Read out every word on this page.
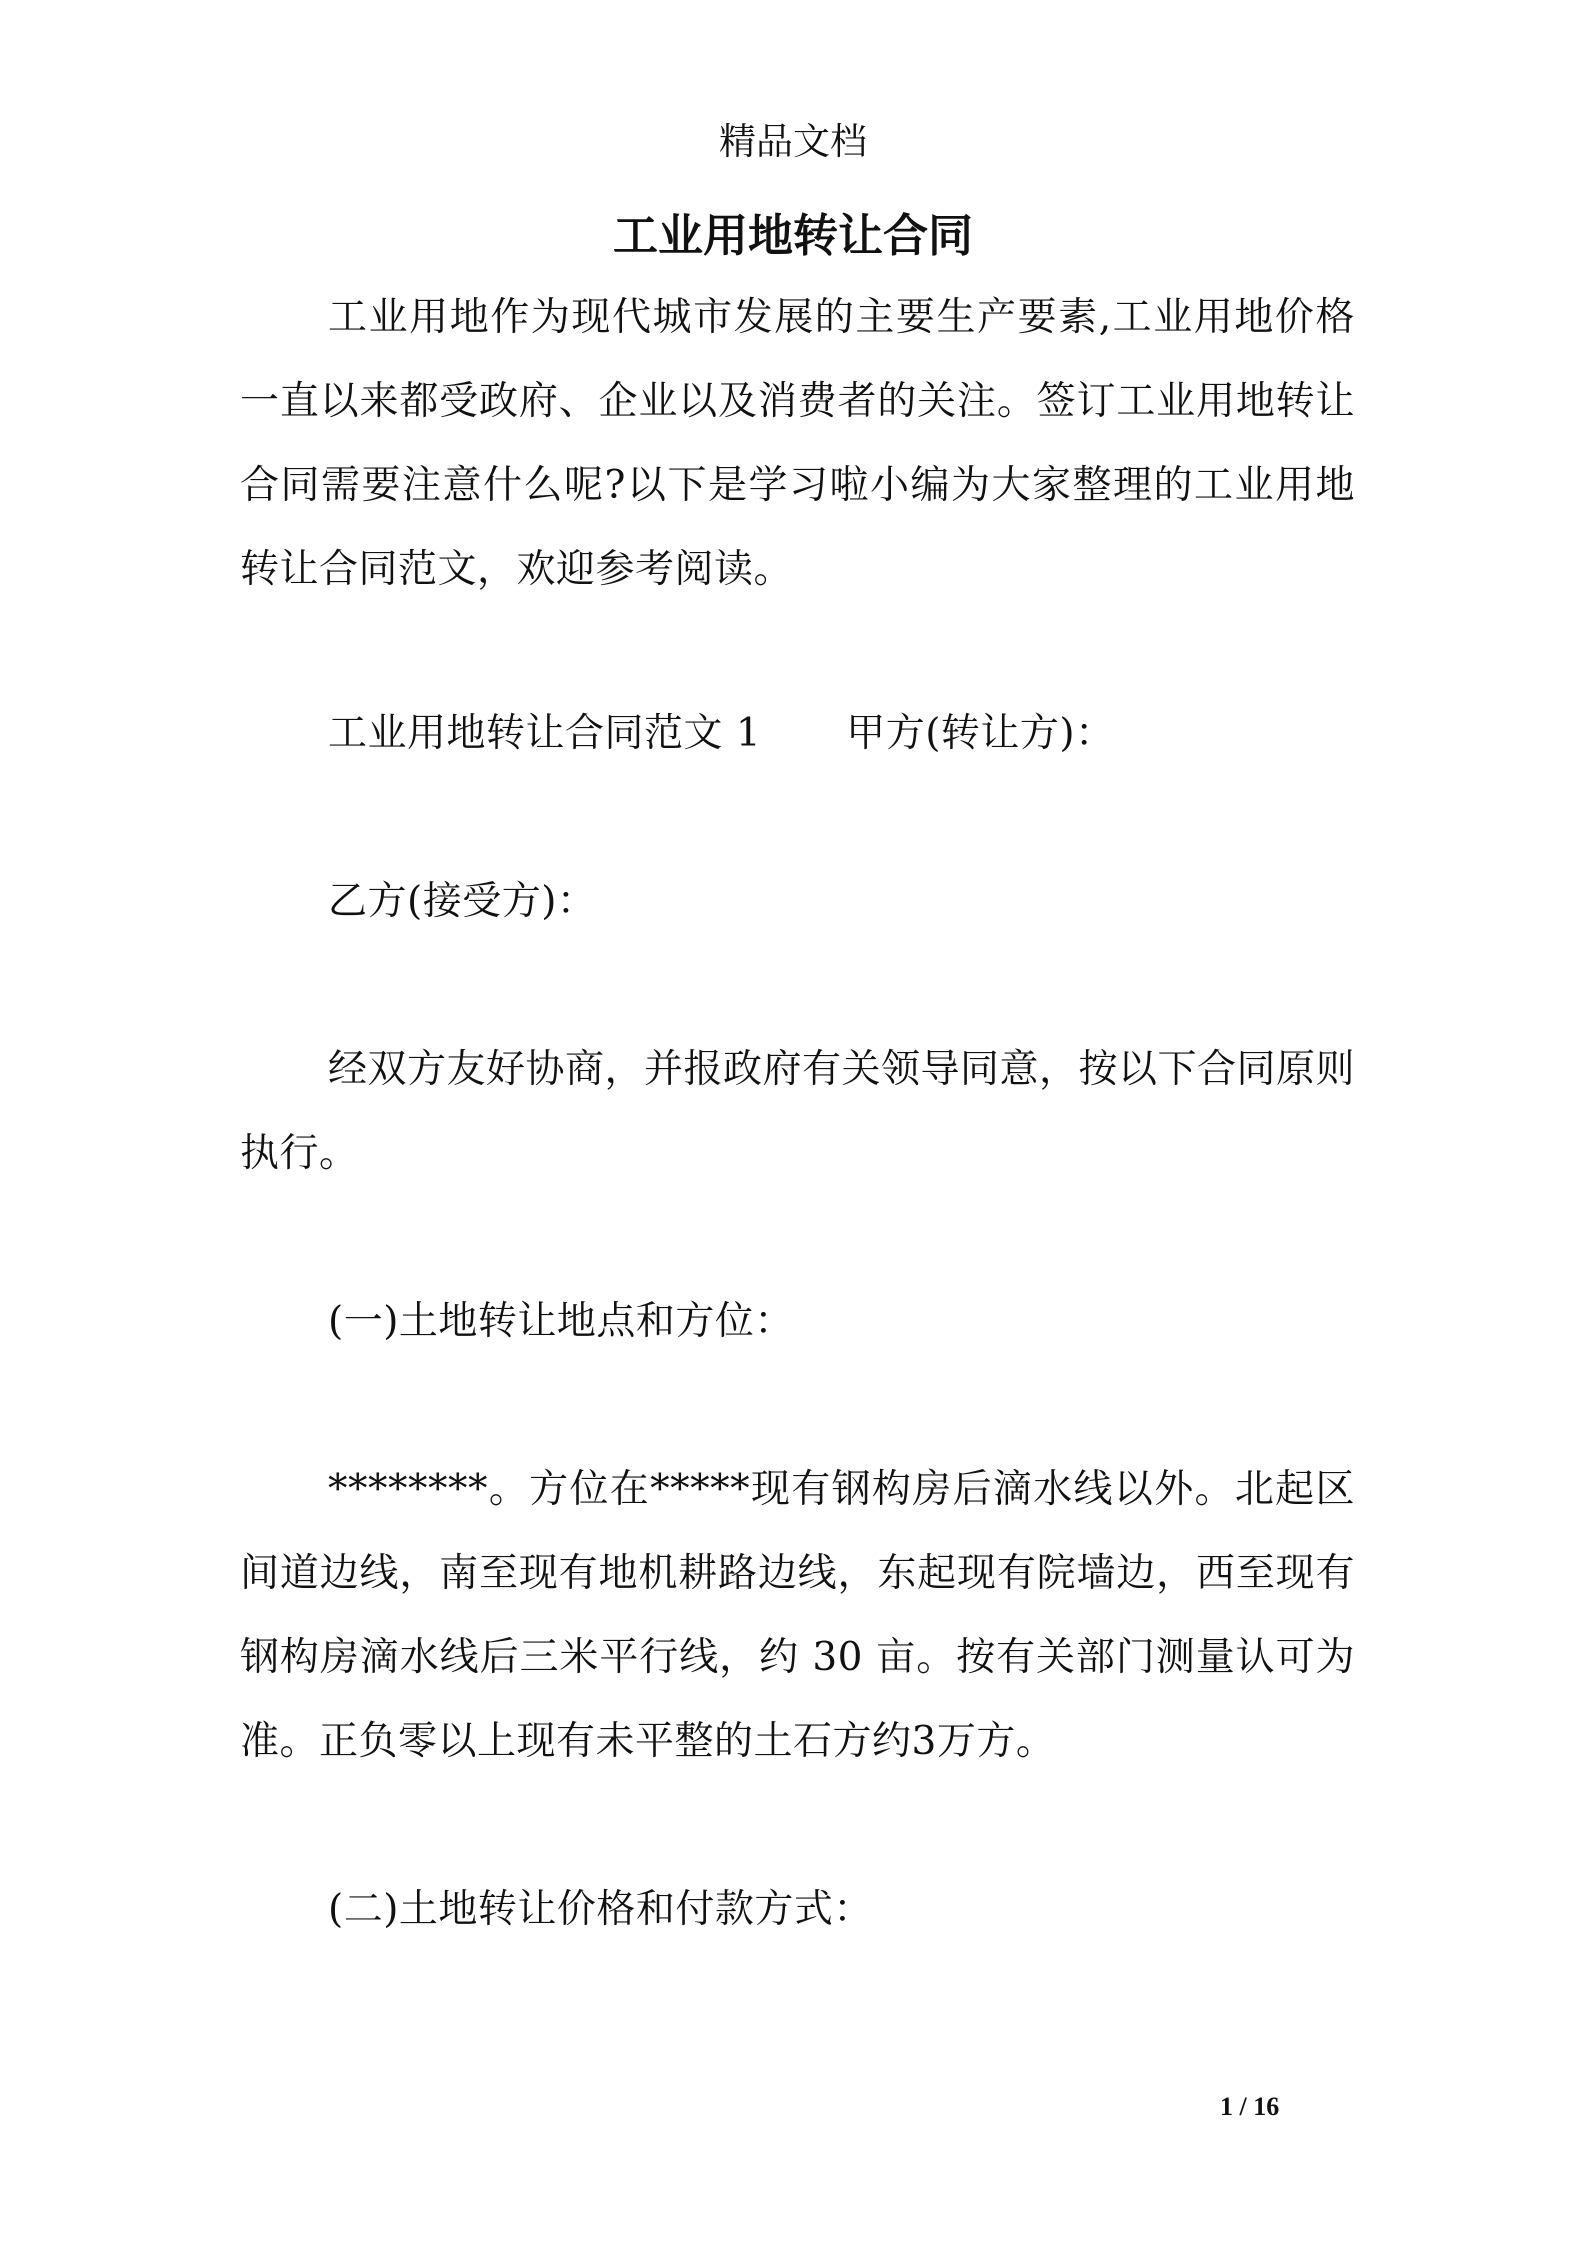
精品文档
工业用地转让合同

工业用地作为现代城市发展的主要生产要素,工业用地价格一直以来都受政府、企业以及消费者的关注。签订工业用地转让合同需要注意什么呢?以下是学习啦小编为大家整理的工业用地转让合同范文，欢迎参考阅读。

工业用地转让合同范文 1 甲方(转让方)：

乙方(接受方)：

经双方友好协商，并报政府有关领导同意，按以下合同原则执行。

(一)土地转让地点和方位：

********。方位在*****现有钢构房后滴水线以外。北起区间道边线，南至现有地机耕路边线，东起现有院墙边，西至现有钢构房滴水线后三米平行线，约 30 亩。按有关部门测量认可为准。正负零以上现有未平整的土石方约3万方。

(二)土地转让价格和付款方式：

1 / 16
